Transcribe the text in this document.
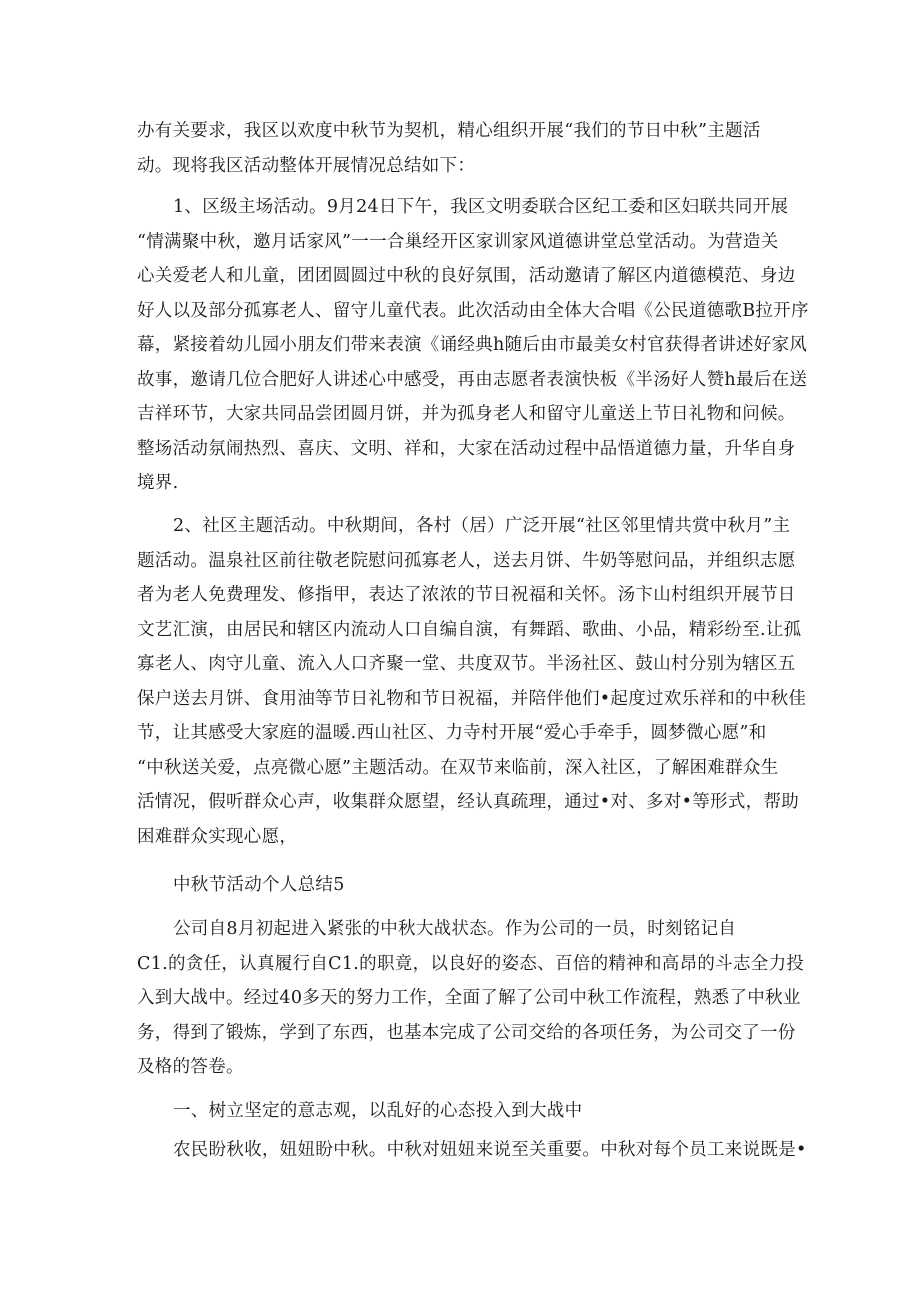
办有关要求，我区以欢度中秋节为契机，精心组织开展“我们的节日中秋”主题活
动。现将我区活动整体开展情况总结如下：
1、区级主场活动。9月24日下午，我区文明委联合区纪工委和区妇联共同开展
“情满聚中秋，邀月话家风”一一合巢经开区家训家风道德讲堂总堂活动。为营造关
心关爱老人和儿童，团团圆圆过中秋的良好氛围，活动邀请了解区内道德模范、身边
好人以及部分孤寡老人、留守儿童代表。此次活动由全体大合唱《公民道德歌B拉开序
幕，紧接着幼儿园小朋友们带来表演《诵经典h随后由市最美女村官获得者讲述好家风
故事，邀请几位合肥好人讲述心中感受，再由志愿者表演快板《半汤好人赞h最后在送
吉祥环节，大家共同品尝团圆月饼，并为孤身老人和留守儿童送上节日礼物和问候。
整场活动氛闹热烈、喜庆、文明、祥和，大家在活动过程中品悟道德力量，升华自身
境界.
2、社区主题活动。中秋期间，各村（居）广泛开展“社区邻里情共赏中秋月”主
题活动。温泉社区前往敬老院慰问孤寡老人，送去月饼、牛奶等慰问品，并组织志愿
者为老人免费理发、修指甲，表达了浓浓的节日祝福和关怀。汤卞山村组织开展节日
文艺汇演，由居民和辖区内流动人口自编自演，有舞蹈、歌曲、小品，精彩纷至.让孤
寡老人、肉守儿童、流入人口齐聚一堂、共度双节。半汤社区、鼓山村分别为辖区五
保户送去月饼、食用油等节日礼物和节日祝福，并陪伴他们•起度过欢乐祥和的中秋佳
节，让其感受大家庭的温暖.西山社区、力寺村开展“爱心手牵手，圆梦微心愿”和
“中秋送关爱，点亮微心愿”主题活动。在双节来临前，深入社区，了解困难群众生
活情况，假听群众心声，收集群众愿望，经认真疏理，通过•对、多对•等形式，帮助
困难群众实现心愿，
中秋节活动个人总结5
公司自8月初起进入紧张的中秋大战状态。作为公司的一员，时刻铭记自
C1.的贪任，认真履行自C1.的职竟，以良好的姿态、百倍的精神和高昂的斗志全力投
入到大战中。经过40多天的努力工作，全面了解了公司中秋工作流程，熟悉了中秋业
务，得到了锻炼，学到了东西，也基本完成了公司交给的各项任务，为公司交了一份
及格的答卷。
一、树立坚定的意志观，以乱好的心态投入到大战中
农民盼秋收，妞妞盼中秋。中秋对妞妞来说至关重要。中秋对每个员工来说既是•
